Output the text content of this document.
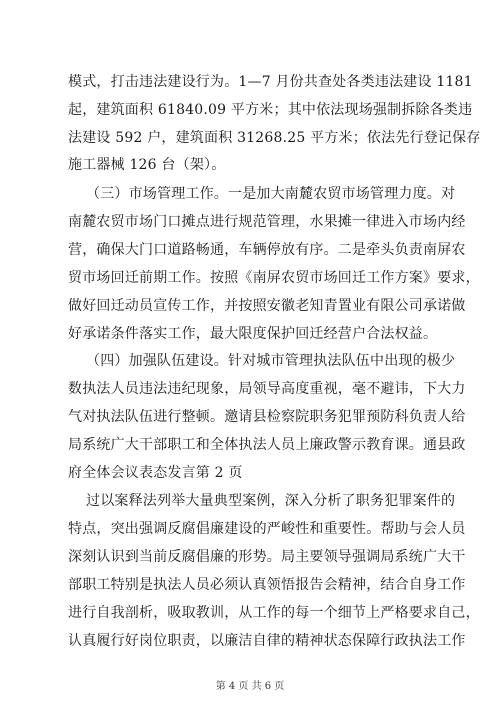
模式，打击违法建设行为。1—7 月份共查处各类违法建设 1181
起，建筑面积 61840.09 平方米；其中依法现场强制拆除各类违
法建设 592 户，建筑面积 31268.25 平方米；依法先行登记保存
施工器械 126 台（架）。
（三）市场管理工作。一是加大南麓农贸市场管理力度。对
南麓农贸市场门口摊点进行规范管理，水果摊一律进入市场内经
营，确保大门口道路畅通，车辆停放有序。二是牵头负责南屏农
贸市场回迁前期工作。按照《南屏农贸市场回迁工作方案》要求，
做好回迁动员宣传工作，并按照安徽老知青置业有限公司承诺做
好承诺条件落实工作，最大限度保护回迁经营户合法权益。
（四）加强队伍建设。针对城市管理执法队伍中出现的极少
数执法人员违法违纪现象，局领导高度重视，毫不避讳，下大力
气对执法队伍进行整顿。邀请县检察院职务犯罪预防科负责人给
局系统广大干部职工和全体执法人员上廉政警示教育课。通县政
府全体会议表态发言第 2 页
过以案释法列举大量典型案例，深入分析了职务犯罪案件的
特点，突出强调反腐倡廉建设的严峻性和重要性。帮助与会人员
深刻认识到当前反腐倡廉的形势。局主要领导强调局系统广大干
部职工特别是执法人员必须认真领悟报告会精神，结合自身工作
进行自我剖析，吸取教训，从工作的每一个细节上严格要求自己，
认真履行好岗位职责，以廉洁自律的精神状态保障行政执法工作
第 4 页 共 6 页
